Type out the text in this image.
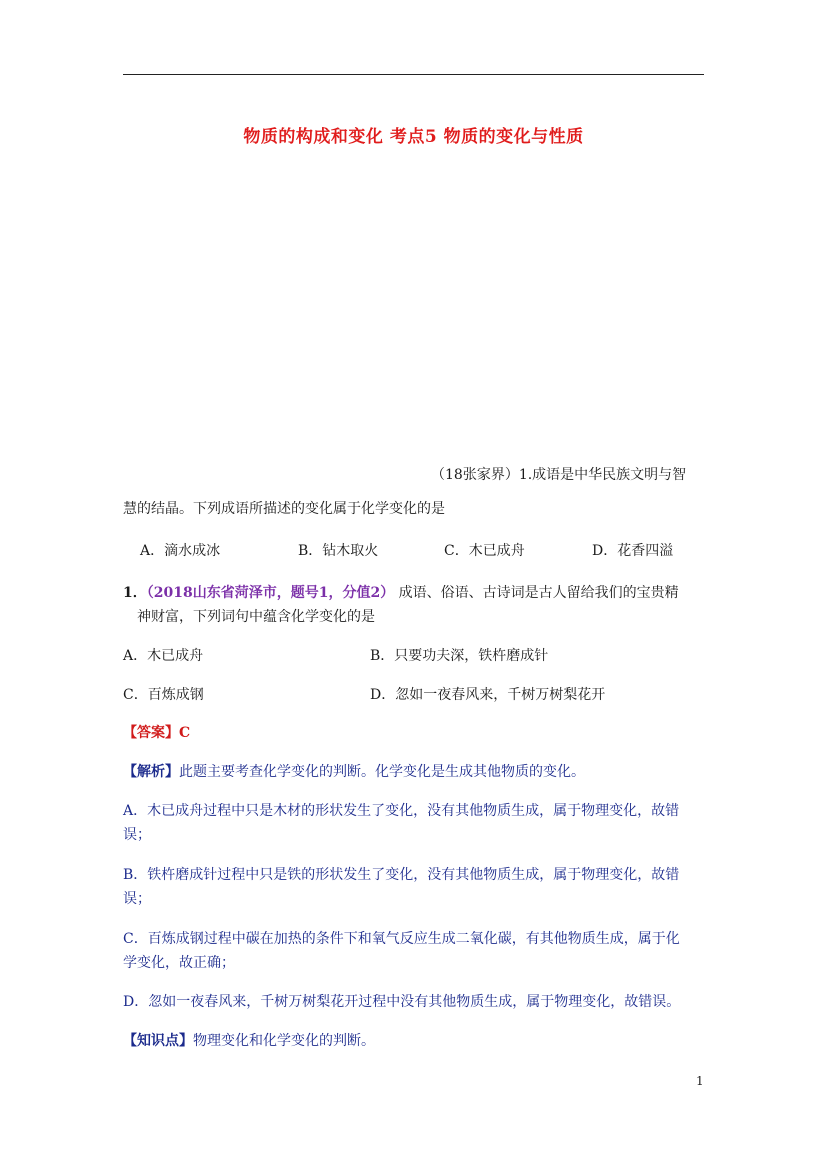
物质的构成和变化 考点5 物质的变化与性质
（18张家界）1.成语是中华民族文明与智
慧的结晶。下列成语所描述的变化属于化学变化的是
A．滴水成冰	B．钻木取火	C．木已成舟	D．花香四溢
1．（2018山东省菏泽市，题号1，分值2） 成语、俗语、古诗词是古人留给我们的宝贵精
神财富，下列词句中蕴含化学变化的是
A．木已成舟	B．只要功夫深，铁杵磨成针
C．百炼成钢	D．忽如一夜春风来，千树万树梨花开
【答案】C
【解析】此题主要考查化学变化的判断。化学变化是生成其他物质的变化。
A．木已成舟过程中只是木材的形状发生了变化，没有其他物质生成，属于物理变化，故错
误；
B．铁杵磨成针过程中只是铁的形状发生了变化，没有其他物质生成，属于物理变化，故错
误；
C．百炼成钢过程中碳在加热的条件下和氧气反应生成二氧化碳，有其他物质生成，属于化
学变化，故正确；
D．忽如一夜春风来，千树万树梨花开过程中没有其他物质生成，属于物理变化，故错误。
【知识点】物理变化和化学变化的判断。
1
